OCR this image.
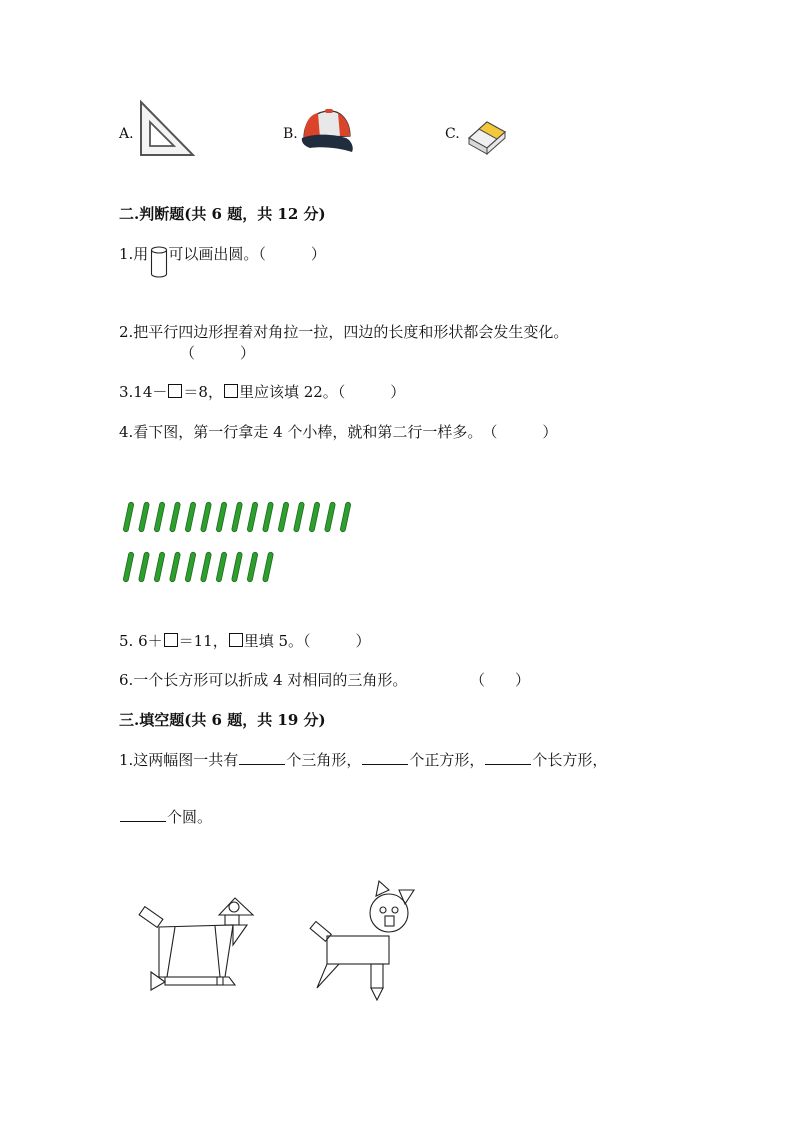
A.	B.	C.
二.判断题(共 6 题，共 12 分)
1.用 可以画出圆。（　　　）
2.把平行四边形捏着对角拉一拉，四边的长度和形状都会发生变化。
（　　　）
3.14－ ＝8， 里应该填 22。（　　　）
4.看下图，第一行拿走 4 个小棒，就和第二行一样多。　（　　　）
5. 6＋ ＝11， 里填 5。（　　　）
6.一个长方形可以折成 4 对相同的三角形。	（　　）
三.填空题(共 6 题，共 19 分)
1.这两幅图一共有	个三角形，	个正方形，	个长方形，
个圆。
